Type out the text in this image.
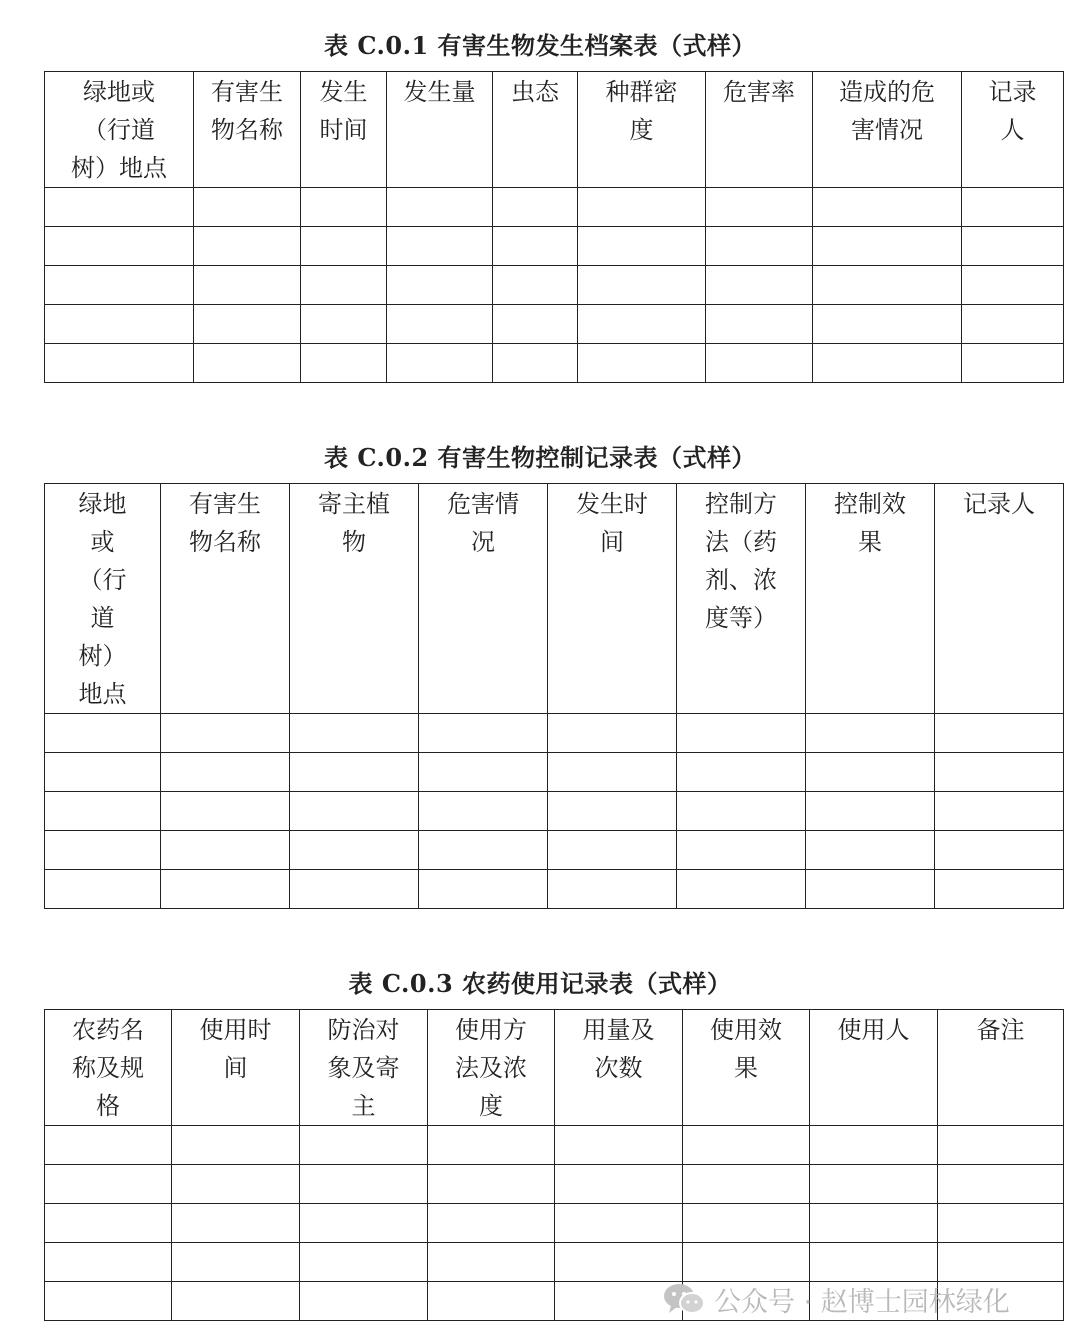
表 C.0.1 有害生物发生档案表（式样）
绿地或（行道树）地点	有害生物名称	发生时间	发生量	虫态	种群密度	危害率	造成的危害情况	记录人

表 C.0.2 有害生物控制记录表（式样）
绿地或（行道树）地点	有害生物名称	寄主植物	危害情况	发生时间	控制方法（药剂、浓度等）	控制效果	记录人

表 C.0.3 农药使用记录表（式样）
农药名称及规格	使用时间	防治对象及寄主	使用方法及浓度	用量及次数	使用效果	使用人	备注

公众号 · 赵博士园林绿化
